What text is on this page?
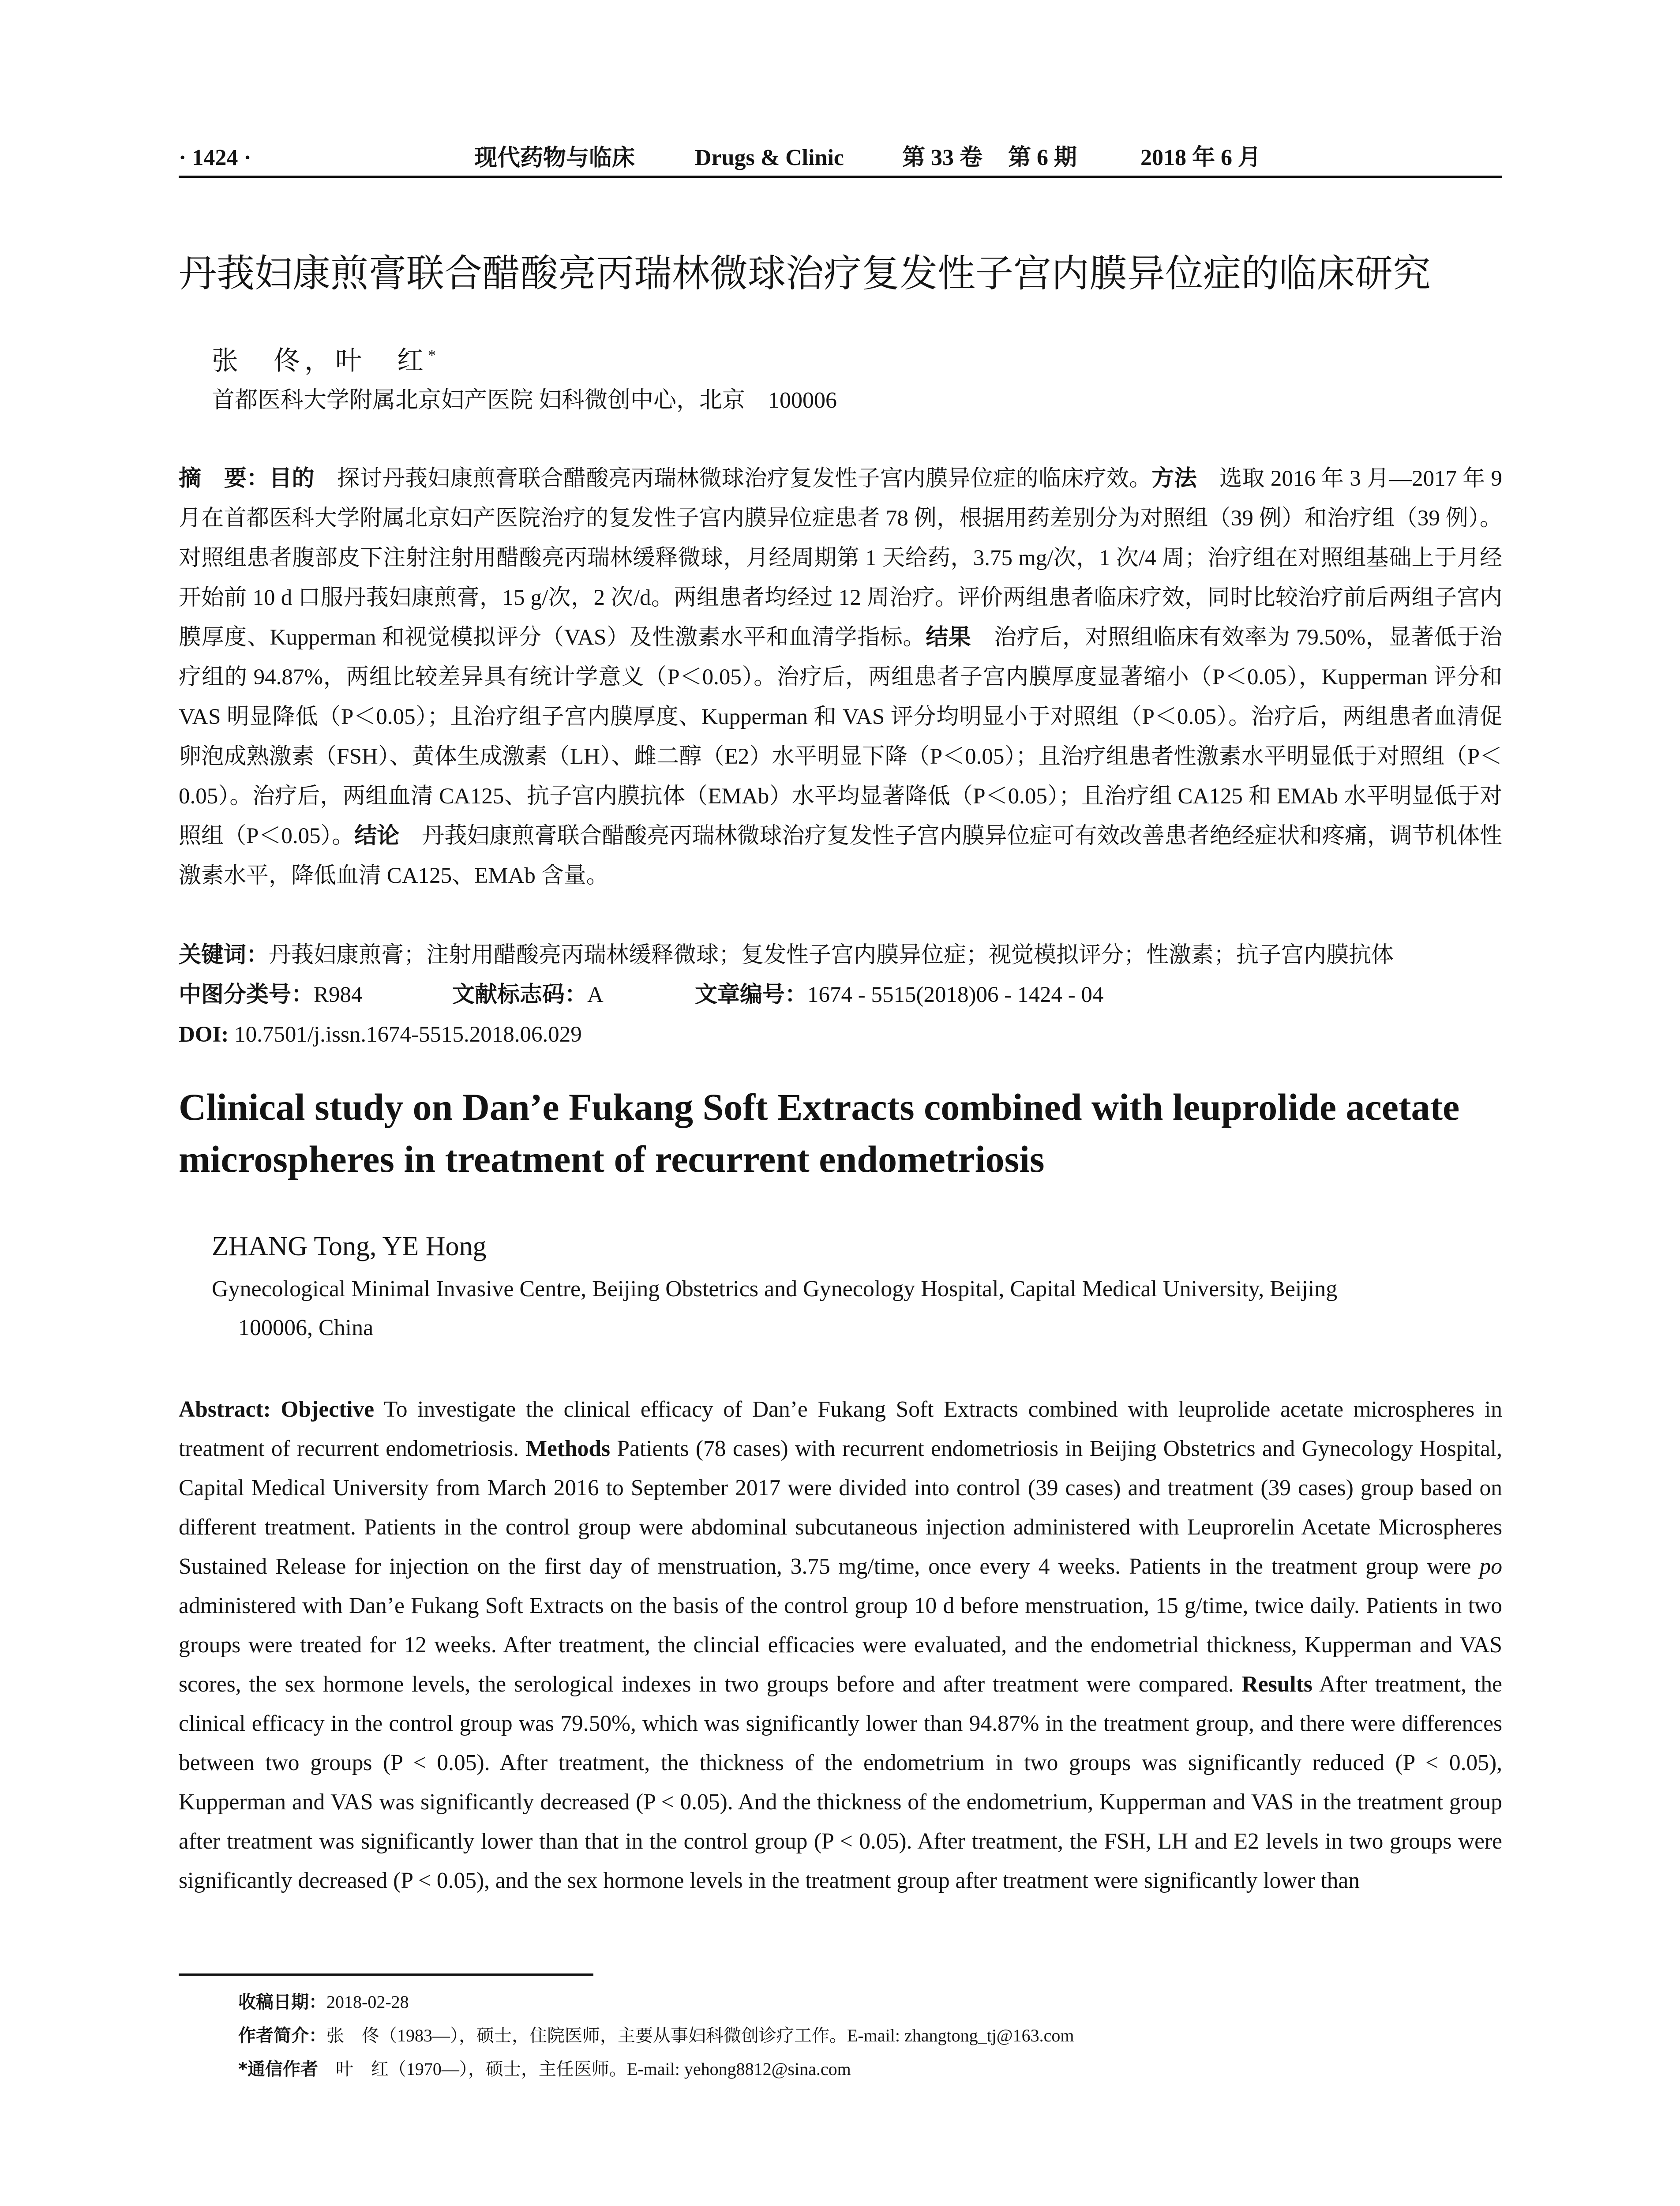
· 1424 ·	现代药物与临床	Drugs & Clinic	第 33 卷 第 6 期	2018 年 6 月
丹莪妇康煎膏联合醋酸亮丙瑞林微球治疗复发性子宫内膜异位症的临床研究
张　佟，叶　红*
首都医科大学附属北京妇产医院 妇科微创中心，北京　100006
摘　要：目的　探讨丹莪妇康煎膏联合醋酸亮丙瑞林微球治疗复发性子宫内膜异位症的临床疗效。方法　选取 2016 年 3 月—2017 年 9 月在首都医科大学附属北京妇产医院治疗的复发性子宫内膜异位症患者 78 例，根据用药差别分为对照组（39 例）和治疗组（39 例）。对照组患者腹部皮下注射注射用醋酸亮丙瑞林缓释微球，月经周期第 1 天给药，3.75 mg/次，1 次/4 周；治疗组在对照组基础上于月经开始前 10 d 口服丹莪妇康煎膏，15 g/次，2 次/d。两组患者均经过 12 周治疗。评价两组患者临床疗效，同时比较治疗前后两组子宫内膜厚度、Kupperman 和视觉模拟评分（VAS）及性激素水平和血清学指标。结果　治疗后，对照组临床有效率为 79.50%，显著低于治疗组的 94.87%，两组比较差异具有统计学意义（P＜0.05）。治疗后，两组患者子宫内膜厚度显著缩小（P＜0.05），Kupperman 评分和 VAS 明显降低（P＜0.05）；且治疗组子宫内膜厚度、Kupperman 和 VAS 评分均明显小于对照组（P＜0.05）。治疗后，两组患者血清促卵泡成熟激素（FSH）、黄体生成激素（LH）、雌二醇（E2）水平明显下降（P＜0.05）；且治疗组患者性激素水平明显低于对照组（P＜0.05）。治疗后，两组血清 CA125、抗子宫内膜抗体（EMAb）水平均显著降低（P＜0.05）；且治疗组 CA125 和 EMAb 水平明显低于对照组（P＜0.05）。结论　丹莪妇康煎膏联合醋酸亮丙瑞林微球治疗复发性子宫内膜异位症可有效改善患者绝经症状和疼痛，调节机体性激素水平，降低血清 CA125、EMAb 含量。
关键词：丹莪妇康煎膏；注射用醋酸亮丙瑞林缓释微球；复发性子宫内膜异位症；视觉模拟评分；性激素；抗子宫内膜抗体
中图分类号：R984	文献标志码：A	文章编号：1674 - 5515(2018)06 - 1424 - 04
DOI: 10.7501/j.issn.1674-5515.2018.06.029
Clinical study on Dan’e Fukang Soft Extracts combined with leuprolide acetate microspheres in treatment of recurrent endometriosis
ZHANG Tong, YE Hong
Gynecological Minimal Invasive Centre, Beijing Obstetrics and Gynecology Hospital, Capital Medical University, Beijing
100006, China
Abstract: Objective To investigate the clinical efficacy of Dan’e Fukang Soft Extracts combined with leuprolide acetate microspheres in treatment of recurrent endometriosis. Methods Patients (78 cases) with recurrent endometriosis in Beijing Obstetrics and Gynecology Hospital, Capital Medical University from March 2016 to September 2017 were divided into control (39 cases) and treatment (39 cases) group based on different treatment. Patients in the control group were abdominal subcutaneous injection administered with Leuprorelin Acetate Microspheres Sustained Release for injection on the first day of menstruation, 3.75 mg/time, once every 4 weeks. Patients in the treatment group were po administered with Dan’e Fukang Soft Extracts on the basis of the control group 10 d before menstruation, 15 g/time, twice daily. Patients in two groups were treated for 12 weeks. After treatment, the clincial efficacies were evaluated, and the endometrial thickness, Kupperman and VAS scores, the sex hormone levels, the serological indexes in two groups before and after treatment were compared. Results After treatment, the clinical efficacy in the control group was 79.50%, which was significantly lower than 94.87% in the treatment group, and there were differences between two groups (P < 0.05). After treatment, the thickness of the endometrium in two groups was significantly reduced (P < 0.05), Kupperman and VAS was significantly decreased (P < 0.05). And the thickness of the endometrium, Kupperman and VAS in the treatment group after treatment was significantly lower than that in the control group (P < 0.05). After treatment, the FSH, LH and E2 levels in two groups were significantly decreased (P < 0.05), and the sex hormone levels in the treatment group after treatment were significantly lower than
收稿日期：2018-02-28
作者简介：张　佟（1983—），硕士，住院医师，主要从事妇科微创诊疗工作。E-mail: zhangtong_tj@163.com
*通信作者　叶　红（1970—），硕士，主任医师。E-mail: yehong8812@sina.com
